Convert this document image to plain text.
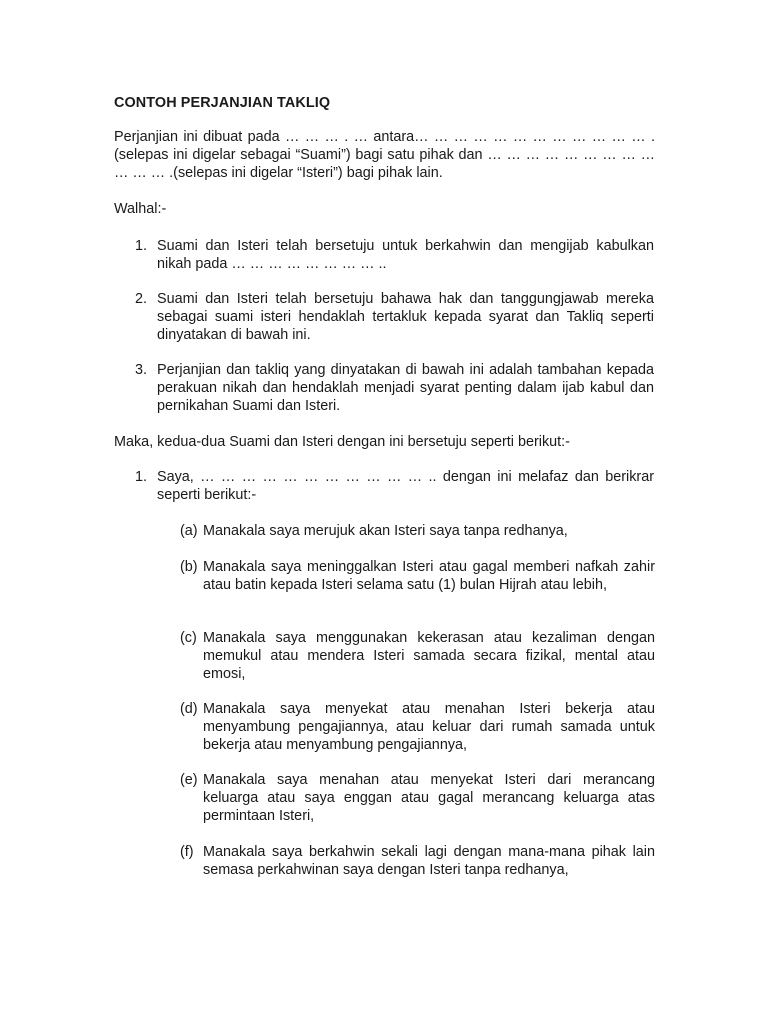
CONTOH PERJANJIAN TAKLIQ
Perjanjian ini dibuat pada … … … . … antara… … … … … … … … … … … … .(selepas ini digelar sebagai “Suami”) bagi satu pihak dan … … … … … … … … … … … … .(selepas ini digelar “Isteri”) bagi pihak lain.
Walhal:-
1. Suami dan Isteri telah bersetuju untuk berkahwin dan mengijab kabulkan nikah pada … … … … … … … … ..
2. Suami dan Isteri telah bersetuju bahawa hak dan tanggungjawab mereka sebagai suami isteri hendaklah tertakluk kepada syarat dan Takliq seperti dinyatakan di bawah ini.
3. Perjanjian dan takliq yang dinyatakan di bawah ini adalah tambahan kepada perakuan nikah dan hendaklah menjadi syarat penting dalam ijab kabul dan pernikahan Suami dan Isteri.
Maka, kedua-dua Suami dan Isteri dengan ini bersetuju seperti berikut:-
1. Saya, … … … … … … … … … … … .. dengan ini melafaz dan berikrar seperti berikut:-
(a) Manakala saya merujuk akan Isteri saya tanpa redhanya,
(b) Manakala saya meninggalkan Isteri atau gagal memberi nafkah zahir atau batin kepada Isteri selama satu (1) bulan Hijrah atau lebih,
(c) Manakala saya menggunakan kekerasan atau kezaliman dengan memukul atau mendera Isteri samada secara fizikal, mental atau emosi,
(d) Manakala saya menyekat atau menahan Isteri bekerja atau menyambung pengajiannya, atau keluar dari rumah samada untuk bekerja atau menyambung pengajiannya,
(e) Manakala saya menahan atau menyekat Isteri dari merancang keluarga atau saya enggan atau gagal merancang keluarga atas permintaan Isteri,
(f) Manakala saya berkahwin sekali lagi dengan mana-mana pihak lain semasa perkahwinan saya dengan Isteri tanpa redhanya,
